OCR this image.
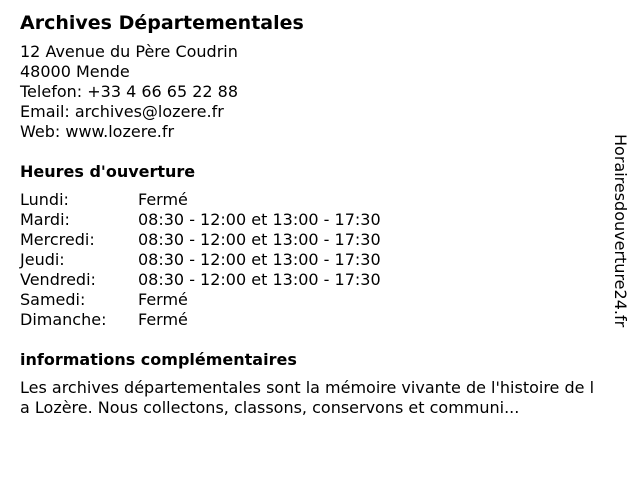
Archives Départementales
12 Avenue du Père Coudrin
48000 Mende
Telefon: +33 4 66 65 22 88
Email: archives@lozere.fr
Web: www.lozere.fr
Heures d'ouverture
Lundi:	Fermé
Mardi:	08:30 - 12:00 et 13:00 - 17:30
Mercredi:	08:30 - 12:00 et 13:00 - 17:30
Jeudi:	08:30 - 12:00 et 13:00 - 17:30
Vendredi:	08:30 - 12:00 et 13:00 - 17:30
Samedi:	Fermé
Dimanche:	Fermé
informations complémentaires
Les archives départementales sont la mémoire vivante de l'histoire de la Lozère. Nous collectons, classons, conservons et communi...
Horairesdouverture24.fr
